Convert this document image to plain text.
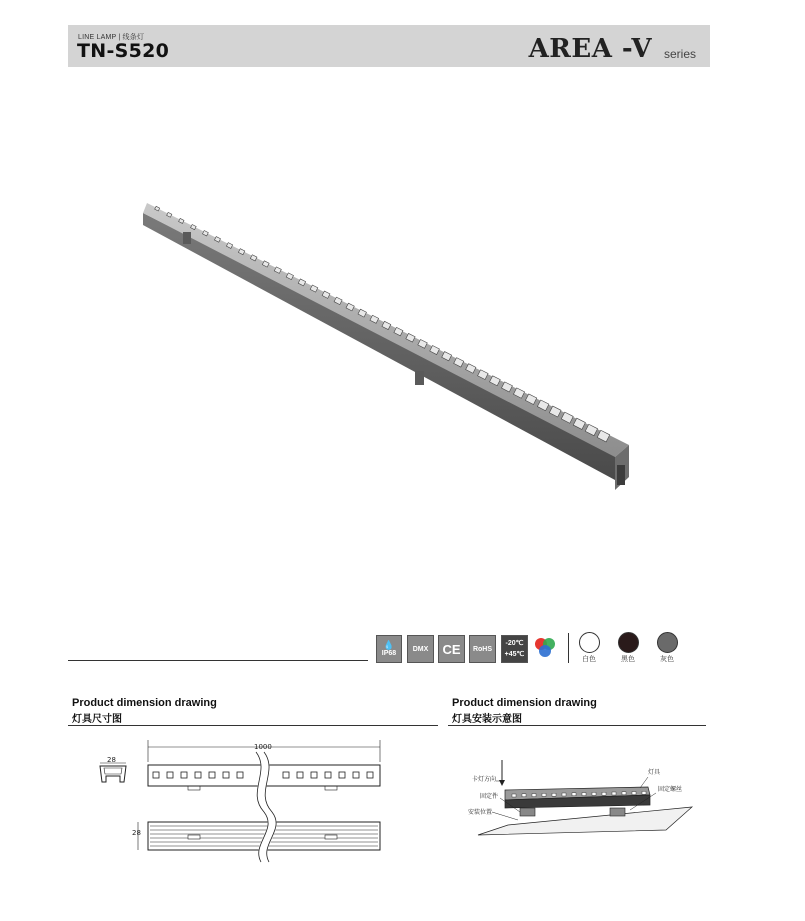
LINE LAMP | 线条灯
TN-S520	AREA -V series
💧
IP68
DMX	CE	RoHS
-20℃
+45℃
白色	黑色	灰色
Product dimension drawing
灯具尺寸图
28
1000
28
Product dimension drawing
灯具安装示意图
卡灯方向
灯具
固定螺丝
固定件
安装位置
